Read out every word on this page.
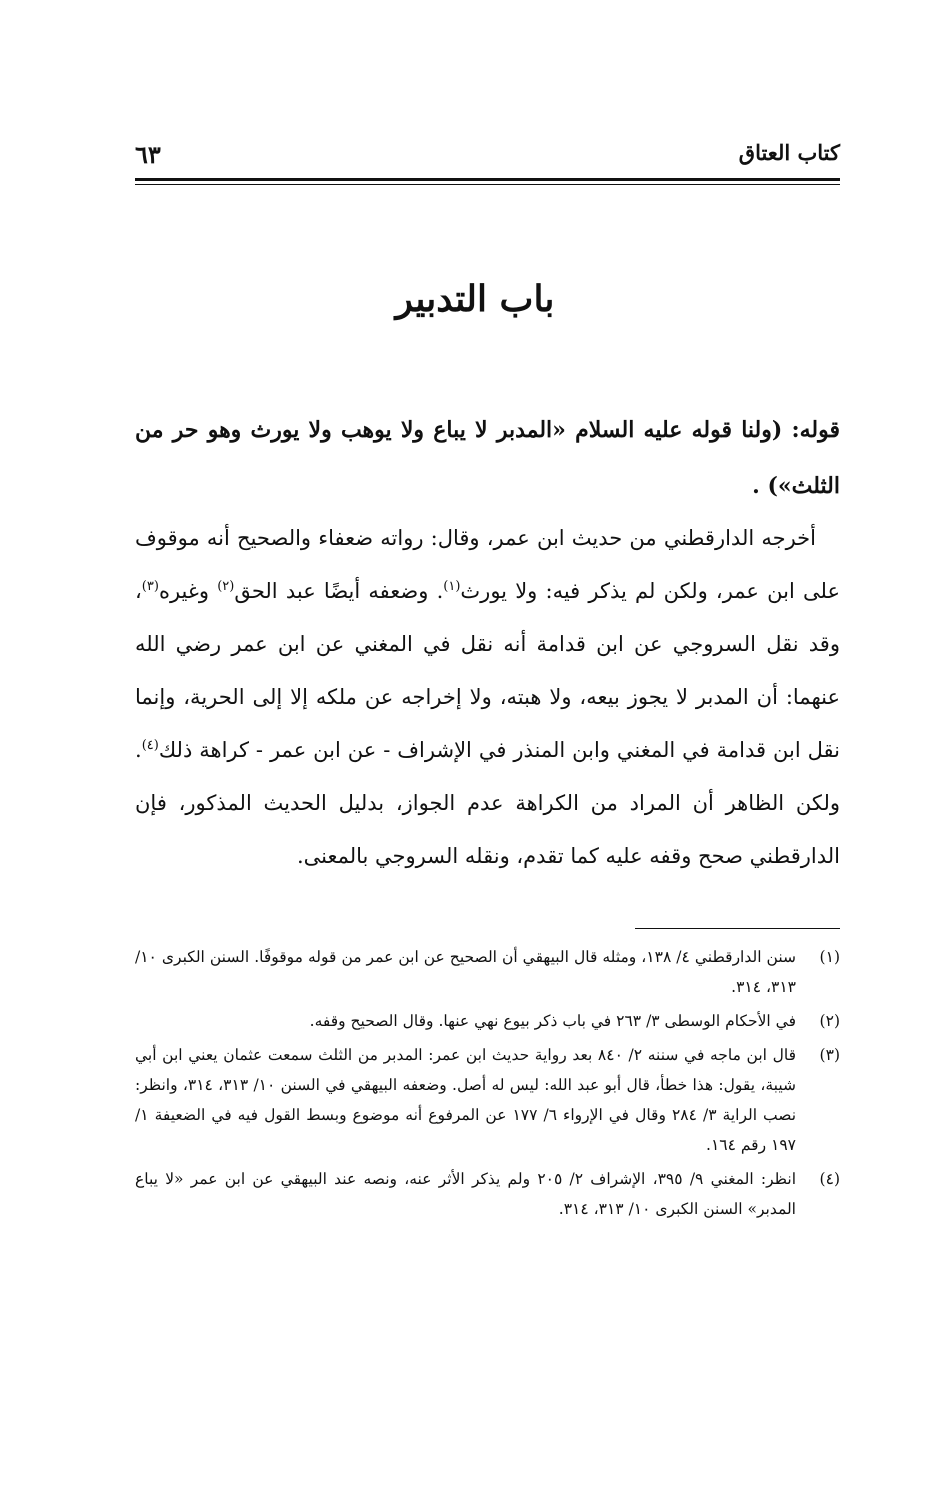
كتاب العتاق
٦٣
باب التدبير
قوله: (ولنا قوله عليه السلام «المدبر لا يباع ولا يوهب ولا يورث وهو حر من الثلث») .

أخرجه الدارقطني من حديث ابن عمر، وقال: رواته ضعفاء والصحيح أنه موقوف على ابن عمر، ولكن لم يذكر فيه: ولا يورث$^{(١)}$. وضعفه أيضًا عبد الحق$^{(٢)}$ وغيره$^{(٣)}$، وقد نقل السروجي عن ابن قدامة أنه نقل في المغني عن ابن عمر رضي الله عنهما: أن المدبر لا يجوز بيعه، ولا هبته، ولا إخراجه عن ملكه إلا إلى الحرية، وإنما نقل ابن قدامة في المغني وابن المنذر في الإشراف - عن ابن عمر - كراهة ذلك$^{(٤)}$. ولكن الظاهر أن المراد من الكراهة عدم الجواز، بدليل الحديث المذكور، فإن الدارقطني صحح وقفه عليه كما تقدم، ونقله السروجي بالمعنى.

(١)
سنن الدارقطني ٤/ ١٣٨، ومثله قال البيهقي أن الصحيح عن ابن عمر من قوله موقوفًا. السنن الكبرى ١٠/ ٣١٣، ٣١٤.
(٢)
في الأحكام الوسطى ٣/ ٢٦٣ في باب ذكر بيوع نهي عنها. وقال الصحيح وقفه.
(٣)
قال ابن ماجه في سننه ٢/ ٨٤٠ بعد رواية حديث ابن عمر: المدبر من الثلث سمعت عثمان يعني ابن أبي شيبة، يقول: هذا خطأ، قال أبو عبد الله: ليس له أصل. وضعفه البيهقي في السنن ١٠/ ٣١٣، ٣١٤، وانظر: نصب الراية ٣/ ٢٨٤ وقال في الإرواء ٦/ ١٧٧ عن المرفوع أنه موضوع وبسط القول فيه في الضعيفة ١/ ١٩٧ رقم ١٦٤.
(٤)
انظر: المغني ٩/ ٣٩٥، الإشراف ٢/ ٢٠٥ ولم يذكر الأثر عنه، ونصه عند البيهقي عن ابن عمر «لا يباع المدبر» السنن الكبرى ١٠/ ٣١٣، ٣١٤.
